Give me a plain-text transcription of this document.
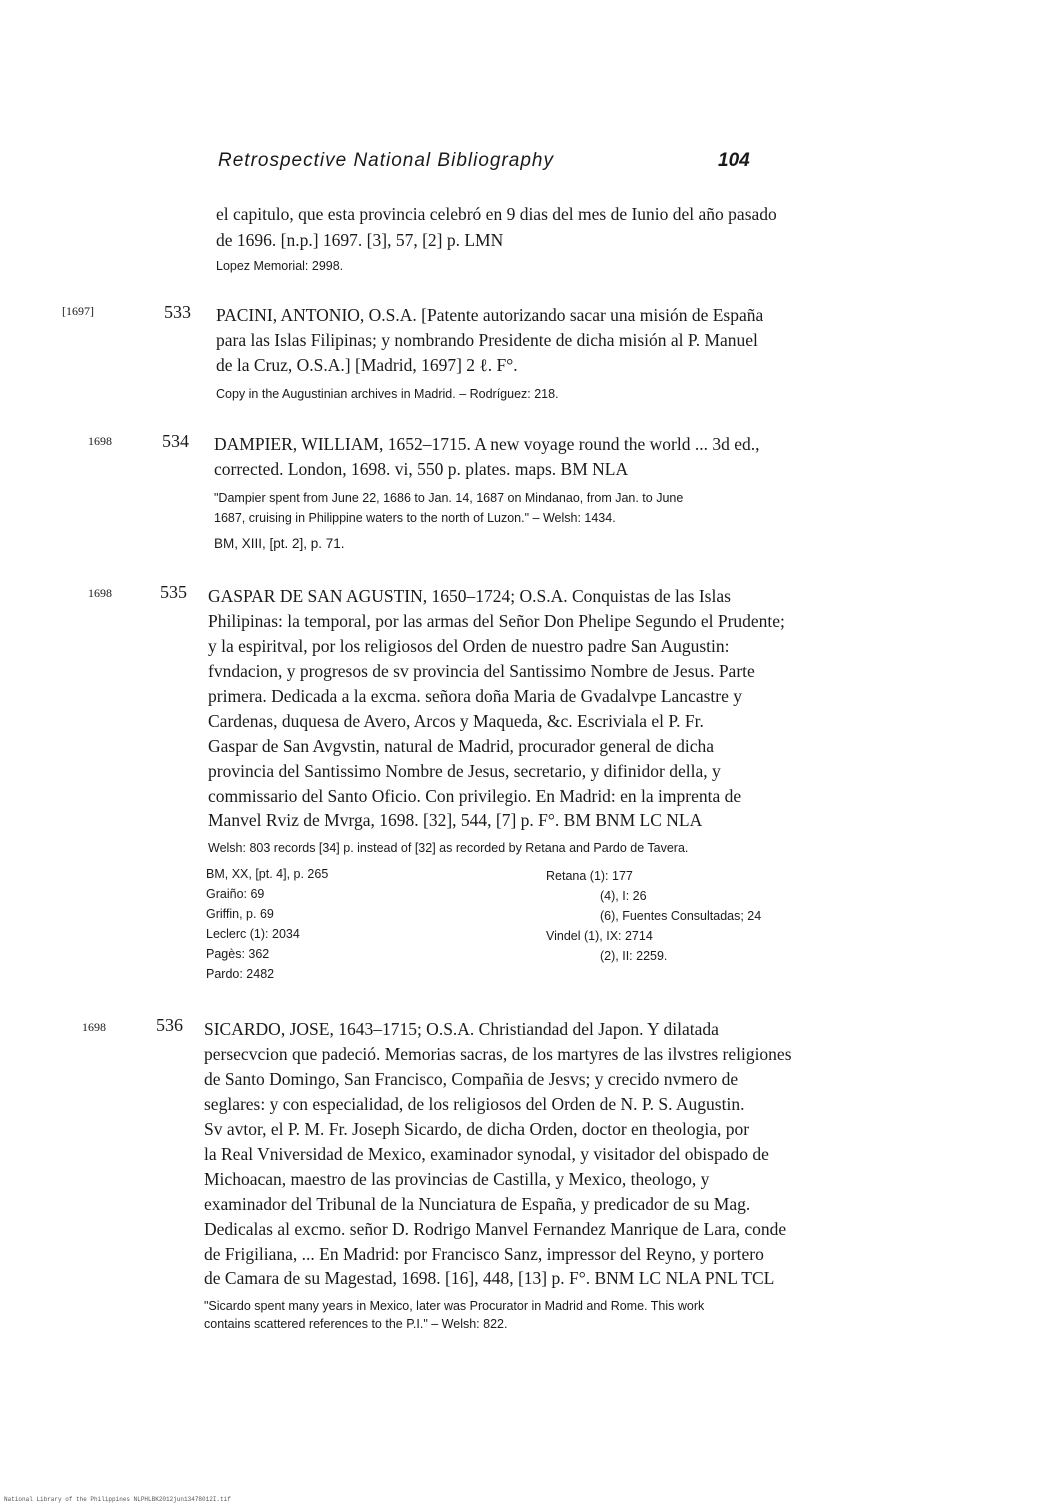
Retrospective National Bibliography	104
el capitulo, que esta provincia celebró en 9 dias del mes de Iunio del año pasado
de 1696. [n.p.] 1697. [3], 57, [2] p. LMN
Lopez Memorial: 2998.
[1697]	533 PACINI, ANTONIO, O.S.A. [Patente autorizando sacar una misión de España
para las Islas Filipinas; y nombrando Presidente de dicha misión al P. Manuel
de la Cruz, O.S.A.] [Madrid, 1697] 2 ℓ. F°.
Copy in the Augustinian archives in Madrid. – Rodríguez: 218.
1698	534 DAMPIER, WILLIAM, 1652–1715. A new voyage round the world ... 3d ed.,
corrected. London, 1698. vi, 550 p. plates. maps. BM NLA
"Dampier spent from June 22, 1686 to Jan. 14, 1687 on Mindanao, from Jan. to June
1687, cruising in Philippine waters to the north of Luzon." – Welsh: 1434.
BM, XIII, [pt. 2], p. 71.
1698	535 GASPAR DE SAN AGUSTIN, 1650–1724; O.S.A. Conquistas de las Islas
Philipinas: la temporal, por las armas del Señor Don Phelipe Segundo el Prudente;
y la espiritval, por los religiosos del Orden de nuestro padre San Augustin:
fvndacion, y progresos de sv provincia del Santissimo Nombre de Jesus. Parte
primera. Dedicada a la excma. señora doña Maria de Gvadalvpe Lancastre y
Cardenas, duquesa de Avero, Arcos y Maqueda, &c. Escriviala el P. Fr.
Gaspar de San Avgvstin, natural de Madrid, procurador general de dicha
provincia del Santissimo Nombre de Jesus, secretario, y difinidor della, y
commissario del Santo Oficio. Con privilegio. En Madrid: en la imprenta de
Manvel Rviz de Mvrga, 1698. [32], 544, [7] p. F°. BM BNM LC NLA
Welsh: 803 records [34] p. instead of [32] as recorded by Retana and Pardo de Tavera.
BM, XX, [pt. 4], p. 265
Graiño: 69
Griffin, p. 69
Leclerc (1): 2034
Pagès: 362
Pardo: 2482
Retana (1): 177
(4), I: 26
(6), Fuentes Consultadas; 24
Vindel (1), IX: 2714
(2), II: 2259.
1698	536 SICARDO, JOSE, 1643–1715; O.S.A. Christiandad del Japon. Y dilatada
persecvcion que padeció. Memorias sacras, de los martyres de las ilvstres religiones
de Santo Domingo, San Francisco, Compañia de Jesvs; y crecido nvmero de
seglares: y con especialidad, de los religiosos del Orden de N. P. S. Augustin.
Sv avtor, el P. M. Fr. Joseph Sicardo, de dicha Orden, doctor en theologia, por
la Real Vniversidad de Mexico, examinador synodal, y visitador del obispado de
Michoacan, maestro de las provincias de Castilla, y Mexico, theologo, y
examinador del Tribunal de la Nunciatura de España, y predicador de su Mag.
Dedicalas al excmo. señor D. Rodrigo Manvel Fernandez Manrique de Lara, conde
de Frigiliana, ... En Madrid: por Francisco Sanz, impressor del Reyno, y portero
de Camara de su Magestad, 1698. [16], 448, [13] p. F°. BNM LC NLA PNL TCL
"Sicardo spent many years in Mexico, later was Procurator in Madrid and Rome. This work
contains scattered references to the P.I." – Welsh: 822.
National Library of the Philippines NLPHLBK2012jun13478012I.tif
